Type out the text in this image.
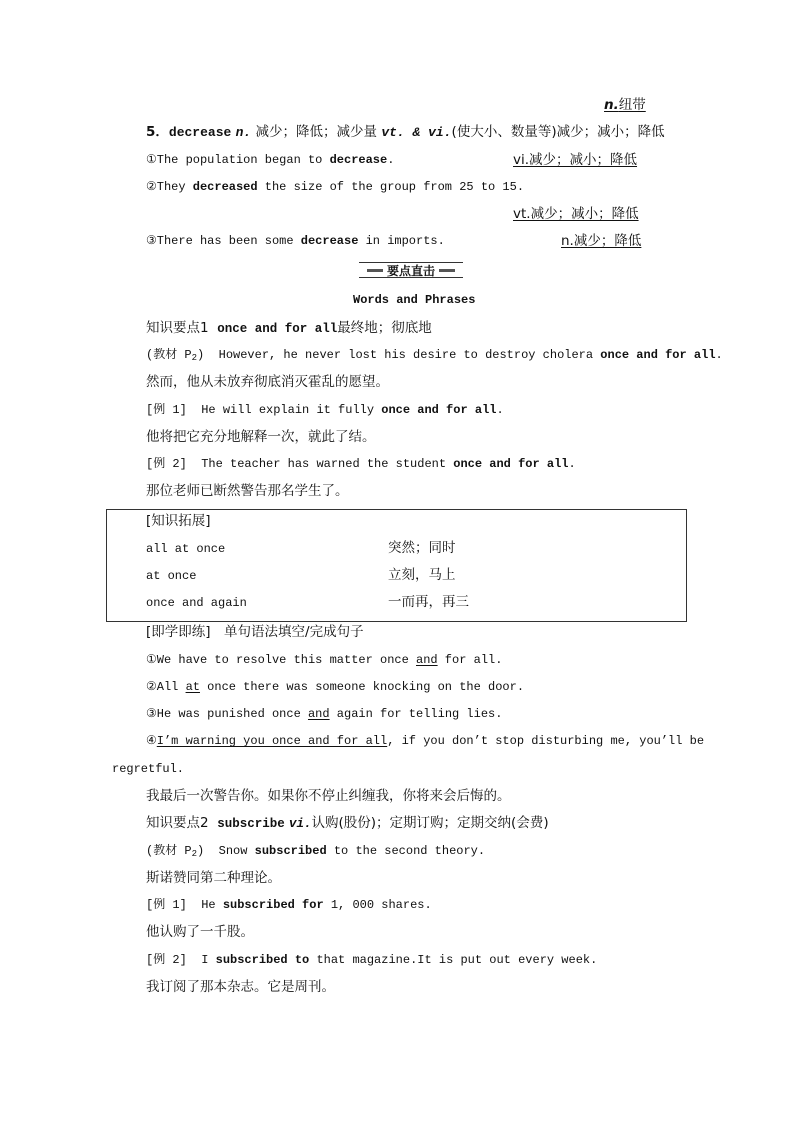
n.纽带
5．decrease n. 减少；降低；减少量 vt. & vi.(使大小、数量等)减少；减小；降低
①The population began to decrease.	vi.减少；减小；降低
②They decreased the size of the group from 25 to 15.
vt.减少；减小；降低
③There has been some decrease in imports.	n.减少；降低
要点直击
Words and Phrases
知识要点1 once and for all最终地；彻底地
(教材 $P_2$) However, he never lost his desire to destroy cholera once and for all.
然而，他从未放弃彻底消灭霍乱的愿望。
[例 1] He will explain it fully once and for all.
他将把它充分地解释一次，就此了结。
[例 2] The teacher has warned the student once and for all.
那位老师已断然警告那名学生了。
[知识拓展]
all at once	突然；同时
at once	立刻，马上
once and again	一而再，再三
[即学即练]　单句语法填空/完成句子
①We have to resolve this matter once and for all.
②All at once there was someone knocking on the door.
③He was punished once and again for telling lies.
④I’m warning you once and for all, if you don’t stop disturbing me, you’ll be
regretful.
我最后一次警告你。如果你不停止纠缠我，你将来会后悔的。
知识要点2 subscribe vi.认购(股份)；定期订购；定期交纳(会费)
(教材 $P_2$) Snow subscribed to the second theory.
斯诺赞同第二种理论。
[例 1] He subscribed for 1, 000 shares.
他认购了一千股。
[例 2] I subscribed to that magazine.It is put out every week.
我订阅了那本杂志。它是周刊。
